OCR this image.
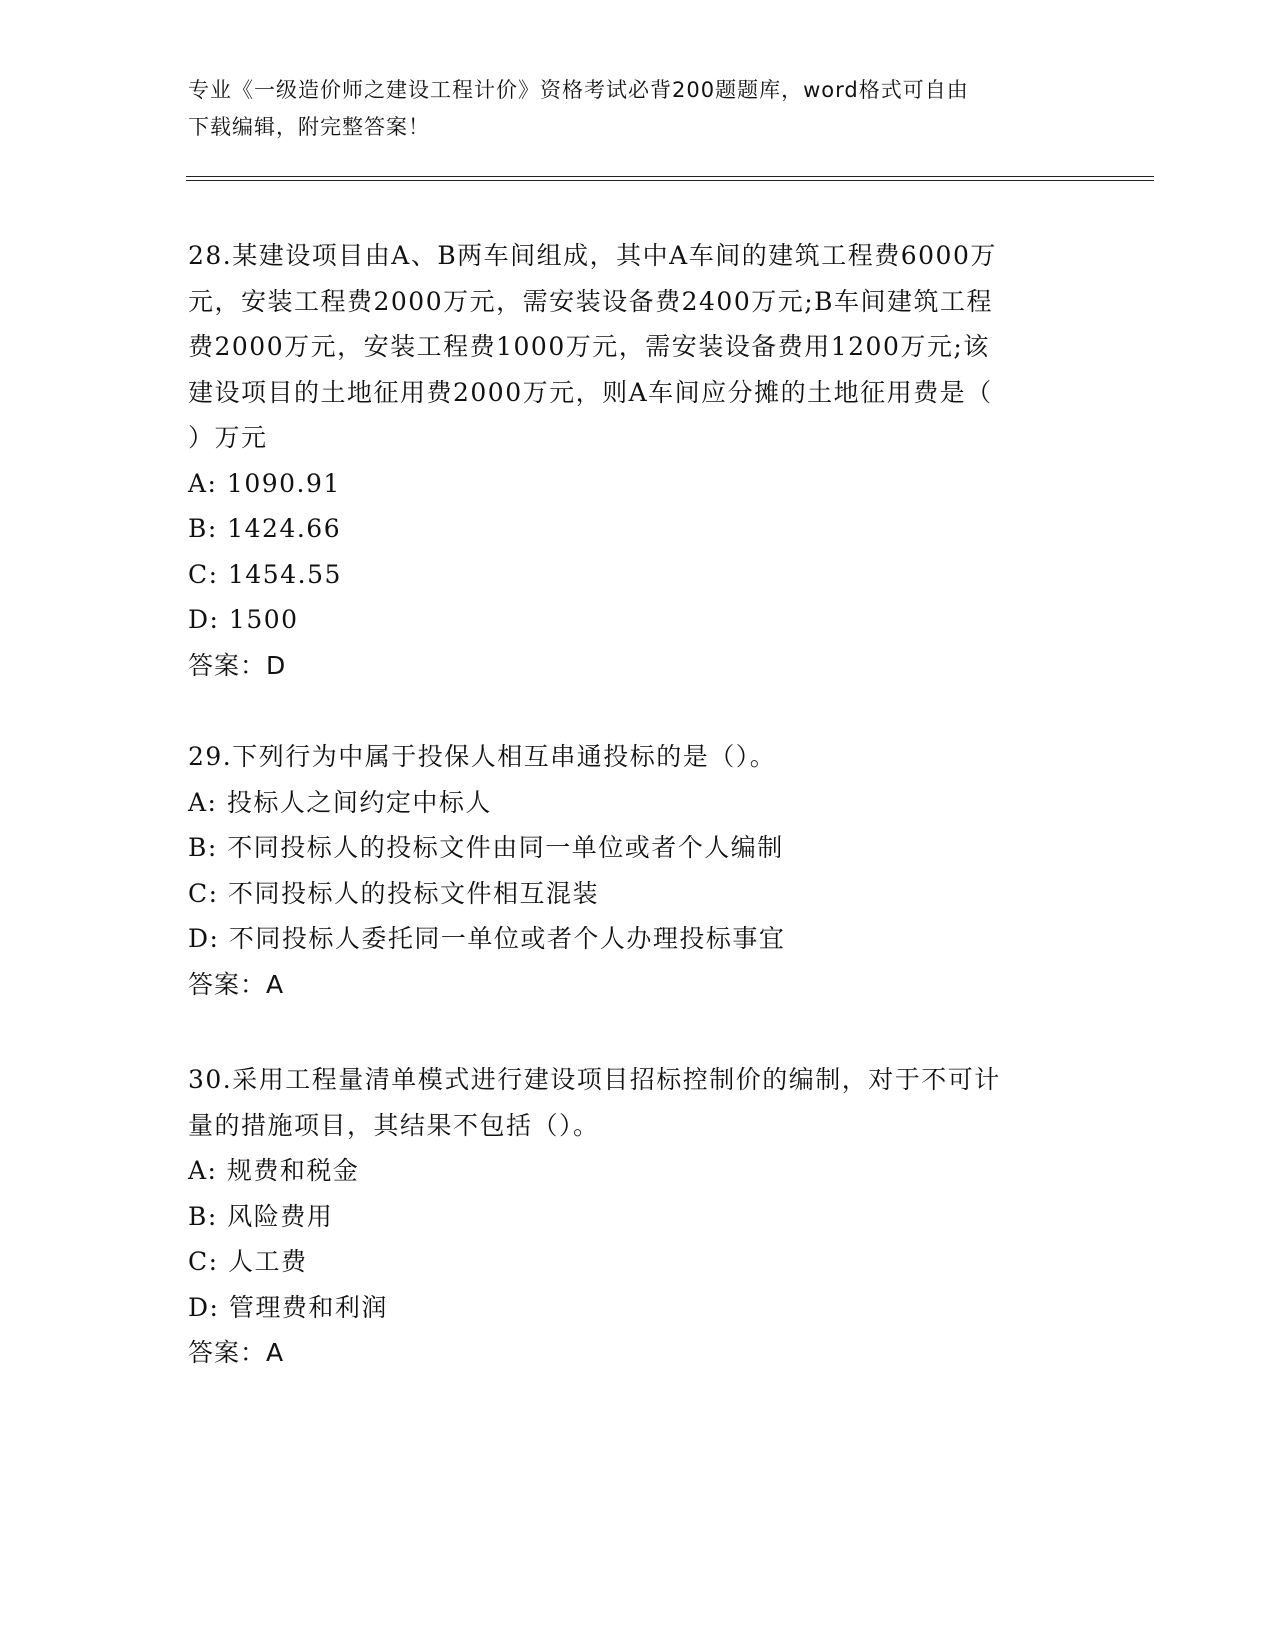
专业《一级造价师之建设工程计价》资格考试必背200题题库，word格式可自由
下载编辑，附完整答案！
28.某建设项目由A、B两车间组成，其中A车间的建筑工程费6000万
元，安装工程费2000万元，需安装设备费2400万元;B车间建筑工程
费2000万元，安装工程费1000万元，需安装设备费用1200万元;该
建设项目的土地征用费2000万元，则A车间应分摊的土地征用费是（
）万元
A: 1090.91
B: 1424.66
C: 1454.55
D: 1500
答案：D
29.下列行为中属于投保人相互串通投标的是（）。
A: 投标人之间约定中标人
B: 不同投标人的投标文件由同一单位或者个人编制
C: 不同投标人的投标文件相互混装
D: 不同投标人委托同一单位或者个人办理投标事宜
答案：A
30.采用工程量清单模式进行建设项目招标控制价的编制，对于不可计
量的措施项目，其结果不包括（）。
A: 规费和税金
B: 风险费用
C: 人工费
D: 管理费和利润
答案：A
